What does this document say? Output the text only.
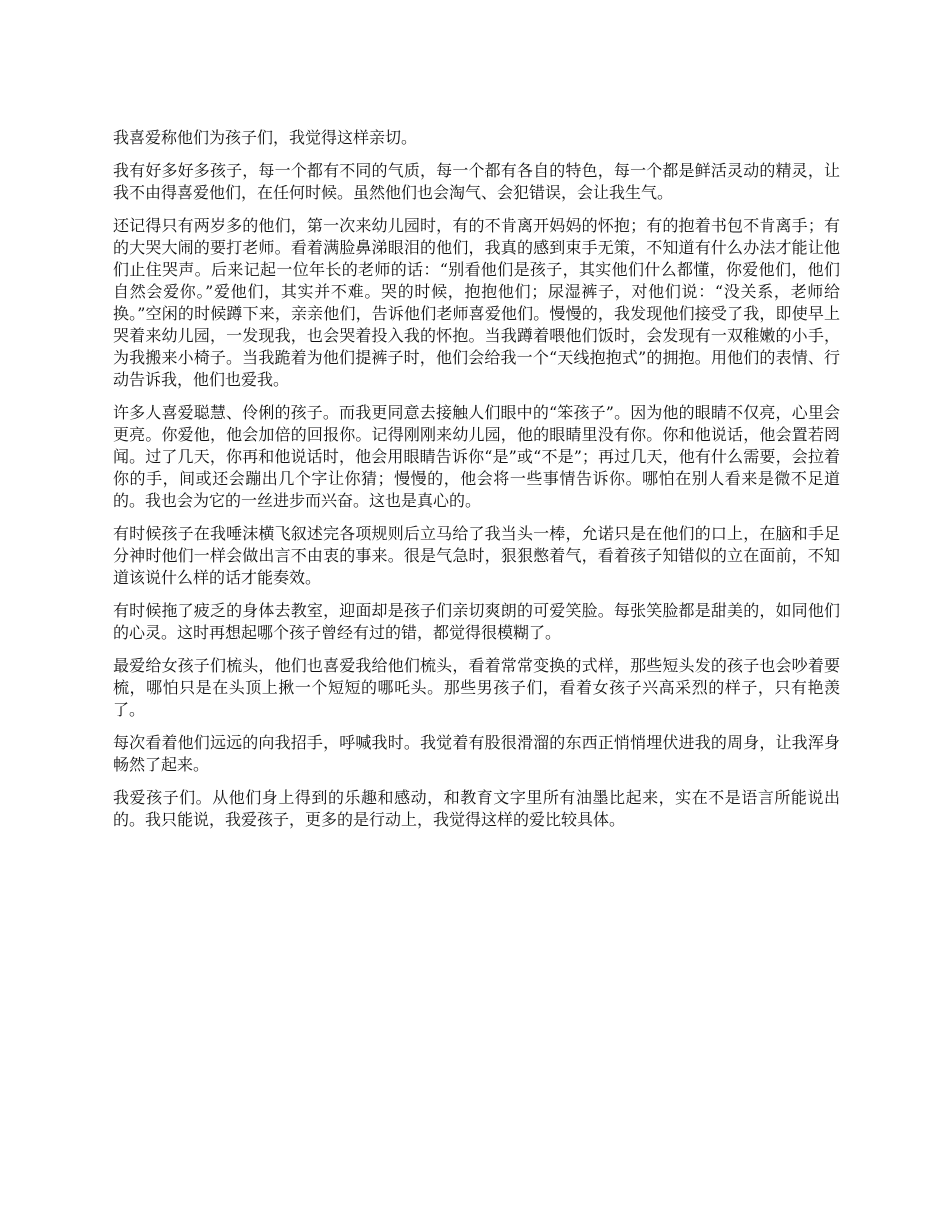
我喜爱称他们为孩子们，我觉得这样亲切。

我有好多好多孩子，每一个都有不同的气质，每一个都有各自的特色，每一个都是鲜活灵动的精灵，让我不由得喜爱他们，在任何时候。虽然他们也会淘气、会犯错误，会让我生气。

还记得只有两岁多的他们，第一次来幼儿园时，有的不肯离开妈妈的怀抱；有的抱着书包不肯离手；有的大哭大闹的要打老师。看着满脸鼻涕眼泪的他们，我真的感到束手无策，不知道有什么办法才能让他们止住哭声。后来记起一位年长的老师的话：“别看他们是孩子，其实他们什么都懂，你爱他们，他们自然会爱你。”爱他们，其实并不难。哭的时候，抱抱他们；尿湿裤子，对他们说：“没关系，老师给换。”空闲的时候蹲下来，亲亲他们，告诉他们老师喜爱他们。慢慢的，我发现他们接受了我，即使早上哭着来幼儿园，一发现我，也会哭着投入我的怀抱。当我蹲着喂他们饭时，会发现有一双稚嫩的小手，为我搬来小椅子。当我跪着为他们提裤子时，他们会给我一个“天线抱抱式”的拥抱。用他们的表情、行动告诉我，他们也爱我。

许多人喜爱聪慧、伶俐的孩子。而我更同意去接触人们眼中的“笨孩子”。因为他的眼睛不仅亮，心里会更亮。你爱他，他会加倍的回报你。记得刚刚来幼儿园，他的眼睛里没有你。你和他说话，他会置若罔闻。过了几天，你再和他说话时，他会用眼睛告诉你“是”或“不是”；再过几天，他有什么需要，会拉着你的手，间或还会蹦出几个字让你猜；慢慢的，他会将一些事情告诉你。哪怕在别人看来是微不足道的。我也会为它的一丝进步而兴奋。这也是真心的。

有时候孩子在我唾沫横飞叙述完各项规则后立马给了我当头一棒，允诺只是在他们的口上，在脑和手足分神时他们一样会做出言不由衷的事来。很是气急时，狠狠憋着气，看着孩子知错似的立在面前，不知道该说什么样的话才能奏效。

有时候拖了疲乏的身体去教室，迎面却是孩子们亲切爽朗的可爱笑脸。每张笑脸都是甜美的，如同他们的心灵。这时再想起哪个孩子曾经有过的错，都觉得很模糊了。

最爱给女孩子们梳头，他们也喜爱我给他们梳头，看着常常变换的式样，那些短头发的孩子也会吵着要梳，哪怕只是在头顶上揪一个短短的哪吒头。那些男孩子们，看着女孩子兴高采烈的样子，只有艳羡了。

每次看着他们远远的向我招手，呼喊我时。我觉着有股很滑溜的东西正悄悄埋伏进我的周身，让我浑身畅然了起来。

我爱孩子们。从他们身上得到的乐趣和感动，和教育文字里所有油墨比起来，实在不是语言所能说出的。我只能说，我爱孩子，更多的是行动上，我觉得这样的爱比较具体。
